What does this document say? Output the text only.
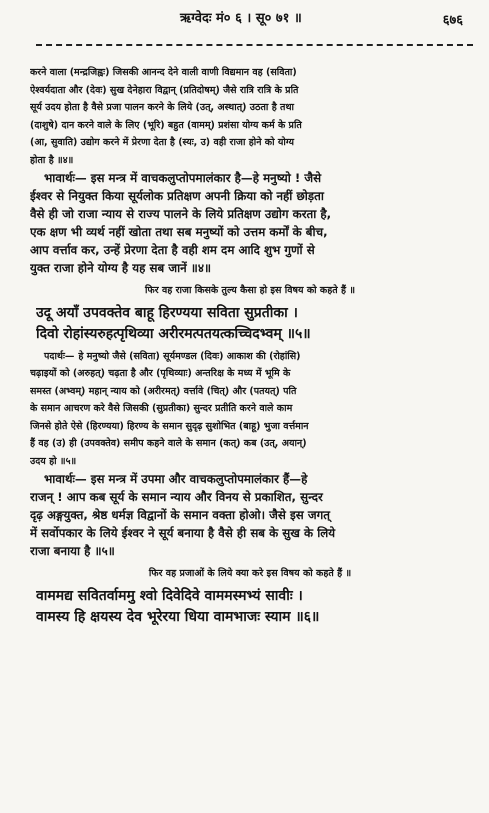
ऋग्वेदः मं० ६ । सू० ७१ ॥	६७६

करने वाला (मन्द्रजिह्वः) जिसकी आनन्द देने वाली वाणी विद्यमान वह (सविता)

ऐश्वर्यदाता और (देवः) सुख देनेहारा विद्वान् (प्रतिदोषम्) जैसे रात्रि रात्रि के प्रति

सूर्य उदय होता है वैसे प्रजा पालन करने के लिये (उत्, अस्थात्) उठता है तथा

(दाशुषे) दान करने वाले के लिए (भूरि) बहुत (वामम्) प्रशंसा योग्य कर्म के प्रति

(आ, सुवाति) उद्योग करने में प्रेरणा देता है (स्यः, उ) वही राजा होने को योग्य

होता है ॥४॥

भावार्थः— इस मन्त्र में वाचकलुप्तोपमालंकार है—हे मनुष्यो ! जैसे

ईश्वर से नियुक्त किया सूर्यलोक प्रतिक्षण अपनी क्रिया को नहीं छोड़ता

वैसे ही जो राजा न्याय से राज्य पालने के लिये प्रतिक्षण उद्योग करता है,

एक क्षण भी व्यर्थ नहीं खोता तथा सब मनुष्यों को उत्तम कर्मों के बीच,

आप वर्त्ताव कर, उन्हें प्रेरणा देता है वही शम दम आदि शुभ गुणों से

युक्त राजा होने योग्य है यह सब जानें ॥४॥

फिर वह राजा किसके तुल्य कैसा हो इस विषय को कहते हैं ॥

उदू अयाँ उपवक्तेव बाहू हिरण्यया सविता सुप्रतीका ।

दिवो रोहांस्यरुहत्पृथिव्या अरीरमत्पतयत्कच्चिदभ्वम् ॥५॥

पदार्थः— हे मनुष्यो जैसे (सविता) सूर्यमण्डल (दिवः) आकाश की (रोहांसि)

चढ़ाइयों को (अरुहत्) चढ़ता है और (पृथिव्याः) अन्तरिक्ष के मध्य में भूमि के

समस्त (अभ्वम्) महान् न्याय को (अरीरमत्) वर्त्तावे (चित्) और (पतयत्) पति

के समान आचरण करे वैसे जिसकी (सुप्रतीका) सुन्दर प्रतीति करने वाले काम

जिनसे होते ऐसे (हिरण्यया) हिरण्य के समान सुदृढ़ सुशोभित (बाहू) भुजा वर्त्तमान

हैं वह (उ) ही (उपवक्तेव) समीप कहने वाले के समान (कत्) कब (उत्, अयान्)

उदय हो ॥५॥

भावार्थः— इस मन्त्र में उपमा और वाचकलुप्तोपमालंकार हैं—हे

राजन् ! आप कब सूर्य के समान न्याय और विनय से प्रकाशित, सुन्दर

दृढ़ अङ्गयुक्त, श्रेष्ठ धर्मज्ञ विद्वानों के समान वक्ता होओ। जैसे इस जगत्

में सर्वोपकार के लिये ईश्वर ने सूर्य बनाया है वैसे ही सब के सुख के लिये

राजा बनाया है ॥५॥

फिर वह प्रजाओं के लिये क्या करे इस विषय को कहते हैं ॥

वाममद्य सवितर्वाममु श्वो दिवेदिवे वाममस्मभ्यं सावीः ।

वामस्य हि क्षयस्य देव भूरेरया धिया वामभाजः स्याम ॥६॥
